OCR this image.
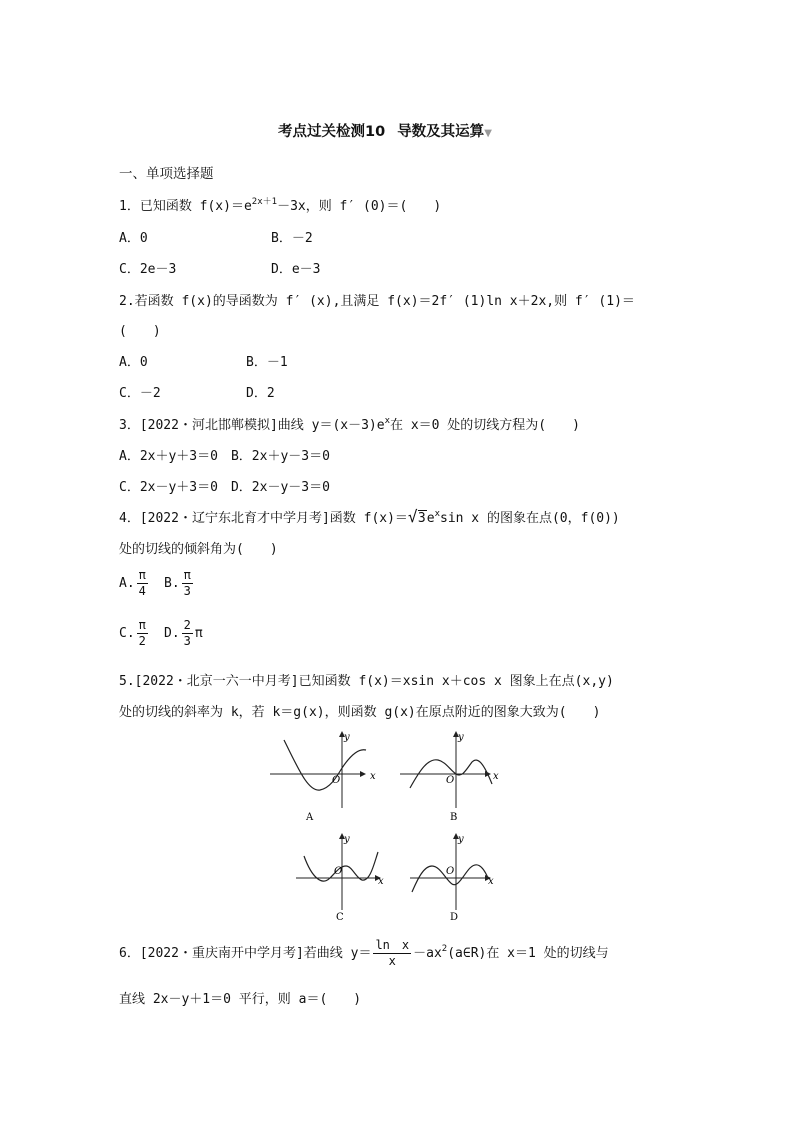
考点过关检测10 导数及其运算▼
一、单项选择题
1．已知函数 $f(x)=e^{2x+1}-3x$，则 f′ (0)＝(　　)
A．0	B．－2
C．2e－3	D．e－3
2.若函数 f(x)的导函数为 f′ (x),且满足 f(x)＝2f′ (1)ln x＋2x,则 f′ (1)＝
(　　)
A．0	B．－1
C．－2	D．2
3．[2022・河北邯郸模拟]曲线 $y=(x-3)e^x$在 x＝0 处的切线方程为(　　)
A．2x＋y＋3＝0　B．2x＋y－3＝0
C．2x－y＋3＝0　D．2x－y－3＝0
4．[2022・辽宁东北育才中学月考]函数 f(x)＝ √ $3e^x\sin$ x 的图象在点(0，f(0))
处的切线的倾斜角为(　　)
A. $\frac{\pi}{4} B$. $\frac{\pi}{3}$
C. $\frac{\pi}{2} D$. $\frac{2}{3}$ π
5.[2022・北京一六一中月考]已知函数 f(x)＝xsin x＋cos x 图象上在点(x,y)
处的切线的斜率为 k，若 k＝g(x)，则函数 g(x)在原点附近的图象大致为(　　)
y
x
O
A
y
x
O
B
y
x
O
C
y
x
O
D
6．[2022・重庆南开中学月考]若曲线 $y= \frac{\text{ln　x}}{x}$ $-ax^2(a\in R)$在 x＝1 处的切线与
直线 2x－y＋1＝0 平行，则 a＝(　　)
